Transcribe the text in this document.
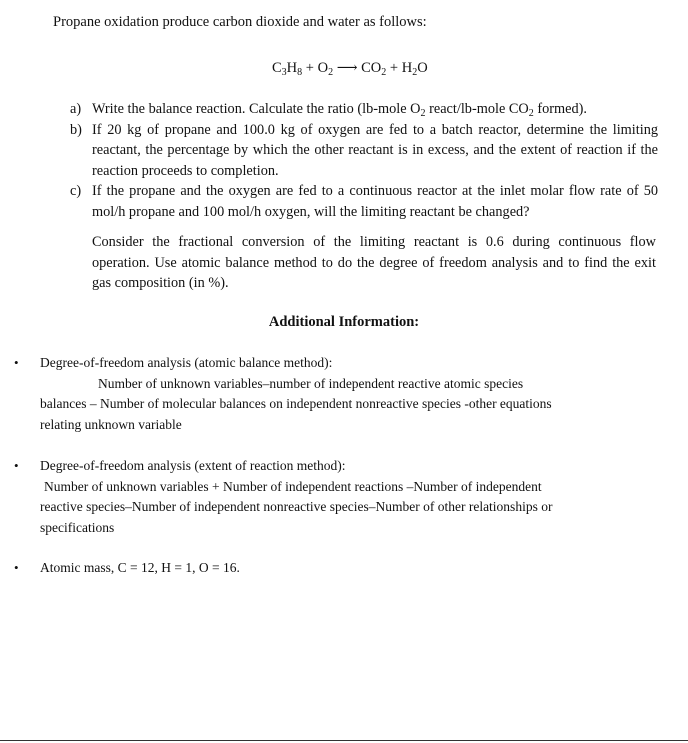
Propane oxidation produce carbon dioxide and water as follows:
$C_3H_8 + O_2$ ⟶ $CO_2 + H_2O$
a) Write the balance reaction. Calculate the ratio (lb-mole $O_2$ react/lb-mole $CO_2$ formed).
b) If 20 kg of propane and 100.0 kg of oxygen are fed to a batch reactor, determine the limiting reactant, the percentage by which the other reactant is in excess, and the extent of reaction if the reaction proceeds to completion.
c) If the propane and the oxygen are fed to a continuous reactor at the inlet molar flow rate of 50 mol/h propane and 100 mol/h oxygen, will the limiting reactant be changed?
Consider the fractional conversion of the limiting reactant is 0.6 during continuous flow operation. Use atomic balance method to do the degree of freedom analysis and to find the exit gas composition (in %).
Additional Information:
• Degree-of-freedom analysis (atomic balance method):
Number of unknown variables–number of independent reactive atomic species
balances – Number of molecular balances on independent nonreactive species -other equations
relating unknown variable
• Degree-of-freedom analysis (extent of reaction method):
Number of unknown variables + Number of independent reactions –Number of independent
reactive species–Number of independent nonreactive species–Number of other relationships or
specifications
• Atomic mass, C = 12, H = 1, O = 16.
